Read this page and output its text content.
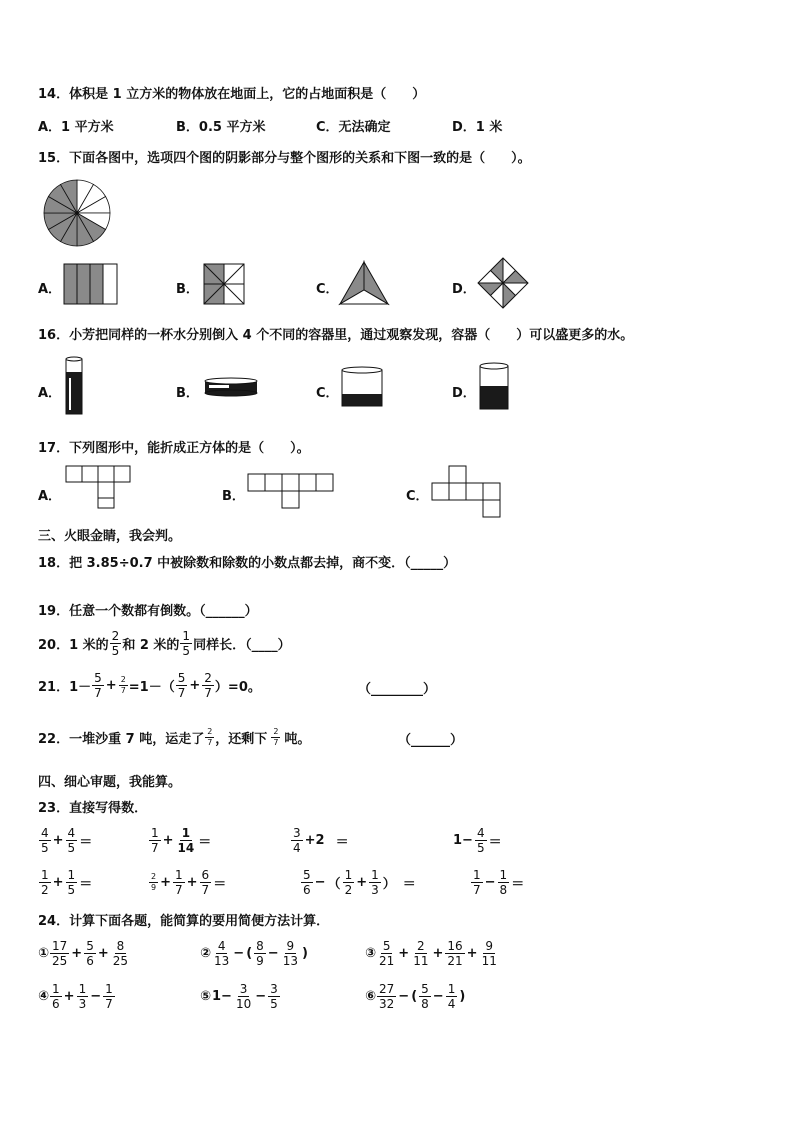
14．体积是 1 立方米的物体放在地面上，它的占地面积是（　　）
A．1 平方米	B．0.5 平方米	C．无法确定	D．1 米
15．下面各图中，选项四个图的阴影部分与整个图形的关系和下图一致的是（　　）。
A．	B．	C．	D．
16．小芳把同样的一杯水分别倒入 4 个不同的容器里，通过观察发现，容器（　　）可以盛更多的水。
A．	B．	C．	D．
17．下列图形中，能折成正方体的是（　　）。
A．	B．	C．
三、火眼金睛，我会判。
18．把 3.85÷0.7 中被除数和除数的小数点都去掉，商不变．（_____）
19．任意一个数都有倒数。（______）
20．1 米的 $\frac{2}{5}$ 和 2 米的 $\frac{1}{5}$ 同样长．（____）
21．$1- \frac{5}{7} + \frac{2}{7} =1-( \frac{5}{7} + \frac{2}{7} )=0$。	（________）
22．一堆沙重 7 吨，运走了 $\frac{2}{7}$ ，还剩下 $\frac{2}{7}$ 吨。	（______）
四、细心审题，我能算。
23．直接写得数．
$\frac{4}{5} + \frac{4}{5}$ ＝	$\frac{1}{7} + \frac{1}{14}$ ＝	$\frac{3}{4} +2$ ＝	$1- \frac{4}{5}$ ＝
$\frac{1}{2} + \frac{1}{5}$ ＝	$\frac{2}{9} + \frac{1}{7} + \frac{6}{7}$ ＝	$\frac{5}{6}$ − （ $\frac{1}{2} + \frac{1}{3}$ ） ＝	$\frac{1}{7} - \frac{1}{8}$ ＝
24．计算下面各题，能简算的要用简便方法计算．
① $\frac{17}{25} + \frac{5}{6} + \frac{8}{25}$	② $\frac{4}{13}$ − ( $\frac{8}{9} - \frac{9}{13}$ )	③ $\frac{5}{21} + \frac{2}{11} + \frac{16}{21} + \frac{9}{11}$
④ $\frac{1}{6} + \frac{1}{3} - \frac{1}{7}$	⑤ $1- \frac{3}{10} - \frac{3}{5}$	⑥ $\frac{27}{32}$ − ( $\frac{5}{8} - \frac{1}{4}$ )
